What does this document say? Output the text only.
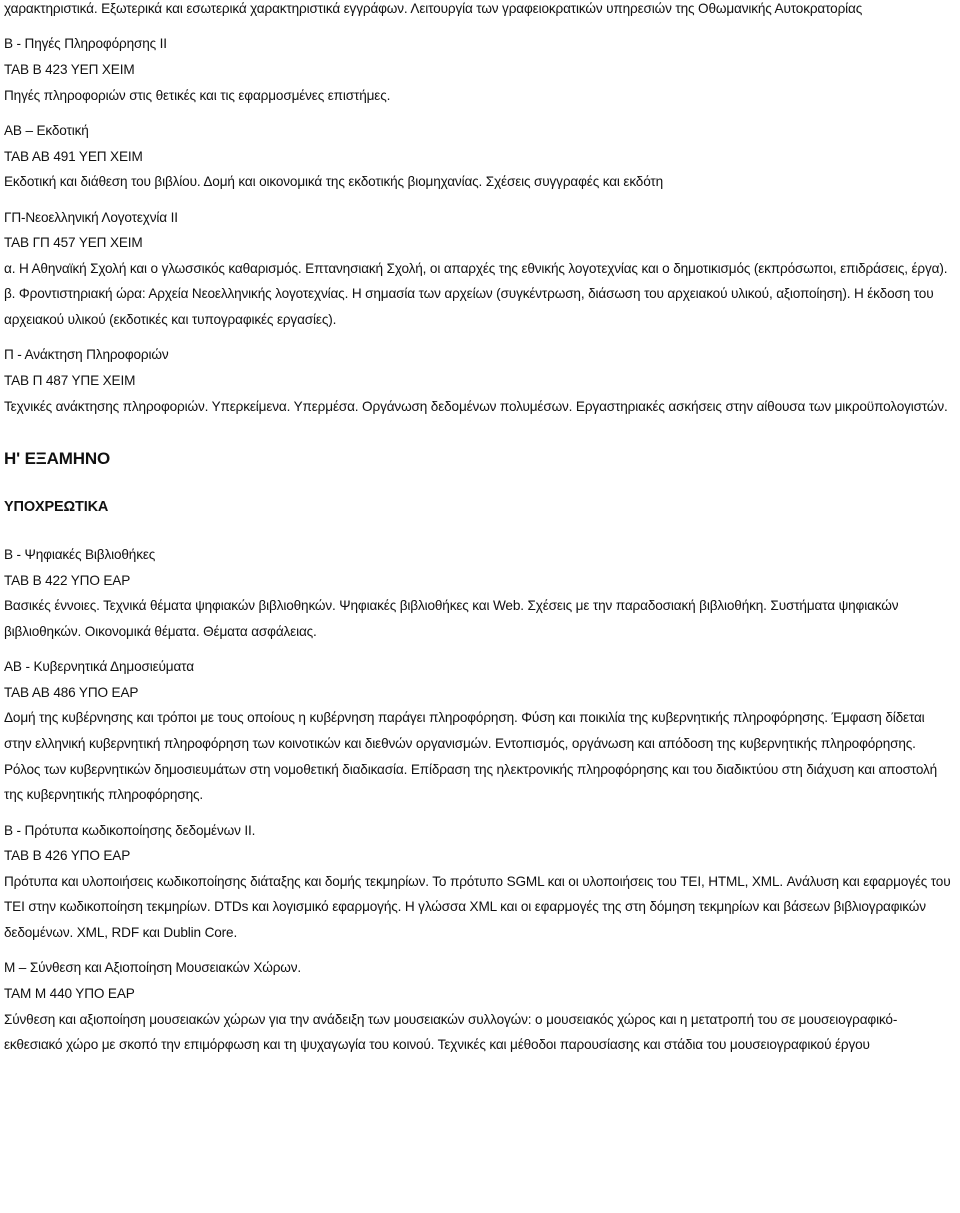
χαρακτηριστικά. Εξωτερικά και εσωτερικά χαρακτηριστικά εγγράφων. Λειτουργία των γραφειοκρατικών υπηρεσιών της Οθωμανικής Αυτοκρατορίας
Β - Πηγές Πληροφόρησης ΙΙ
ΤΑΒ Β 423 ΥΕΠ ΧΕΙΜ
Πηγές πληροφοριών στις θετικές και τις εφαρμοσμένες επιστήμες.
ΑΒ – Εκδοτική
ΤΑΒ ΑΒ 491 ΥΕΠ ΧΕΙΜ
Εκδοτική και διάθεση του βιβλίου. Δομή και οικονομικά της εκδοτικής βιομηχανίας. Σχέσεις συγγραφές και εκδότη
ΓΠ-Νεοελληνική Λογοτεχνία ΙΙ
ΤΑΒ ΓΠ 457 ΥΕΠ ΧΕΙΜ
α. Η Αθηναϊκή Σχολή και ο γλωσσικός καθαρισμός. Επτανησιακή Σχολή, οι απαρχές της εθνικής λογοτεχνίας και ο δημοτικισμός (εκπρόσωποι, επιδράσεις, έργα).
β. Φροντιστηριακή ώρα: Αρχεία Νεοελληνικής λογοτεχνίας. Η σημασία των αρχείων (συγκέντρωση, διάσωση του αρχειακού υλικού, αξιοποίηση). Η έκδοση του αρχειακού υλικού (εκδοτικές και τυπογραφικές εργασίες).
Π - Ανάκτηση Πληροφοριών
ΤΑΒ Π 487 ΥΠΕ ΧΕΙΜ
Τεχνικές ανάκτησης πληροφοριών. Υπερκείμενα. Υπερμέσα. Οργάνωση δεδομένων πολυμέσων. Εργαστηριακές ασκήσεις στην αίθουσα των μικροϋπολογιστών.
Η' ΕΞΑΜΗΝΟ
ΥΠΟΧΡΕΩΤΙΚΑ
Β - Ψηφιακές Βιβλιοθήκες
ΤΑΒ Β 422 ΥΠΟ ΕΑΡ
Βασικές έννοιες. Τεχνικά θέματα ψηφιακών βιβλιοθηκών. Ψηφιακές βιβλιοθήκες και Web. Σχέσεις με την παραδοσιακή βιβλιοθήκη. Συστήματα ψηφιακών βιβλιοθηκών. Οικονομικά θέματα. Θέματα ασφάλειας.
ΑΒ - Κυβερνητικά Δημοσιεύματα
ΤΑΒ ΑΒ 486 ΥΠΟ ΕΑΡ
Δομή της κυβέρνησης και τρόποι με τους οποίους η κυβέρνηση παράγει πληροφόρηση. Φύση και ποικιλία της κυβερνητικής πληροφόρησης. Έμφαση δίδεται στην ελληνική κυβερνητική πληροφόρηση των κοινοτικών και διεθνών οργανισμών. Εντοπισμός, οργάνωση και απόδοση της κυβερνητικής πληροφόρησης. Ρόλος των κυβερνητικών δημοσιευμάτων στη νομοθετική διαδικασία. Επίδραση της ηλεκτρονικής πληροφόρησης και του διαδικτύου στη διάχυση και αποστολή της κυβερνητικής πληροφόρησης.
Β - Πρότυπα κωδικοποίησης δεδομένων ΙΙ.
ΤΑΒ Β 426 ΥΠΟ ΕΑΡ
Πρότυπα και υλοποιήσεις κωδικοποίησης διάταξης και δομής τεκμηρίων. Το πρότυπο SGML και οι υλοποιήσεις του TEI, HTML, XML. Ανάλυση και εφαρμογές του TEI στην κωδικοποίηση τεκμηρίων. DTDs και λογισμικό εφαρμογής. Η γλώσσα XML και οι εφαρμογές της στη δόμηση τεκμηρίων και βάσεων βιβλιογραφικών δεδομένων. XML, RDF και Dublin Core.
Μ – Σύνθεση και Αξιοποίηση Μουσειακών Χώρων.
ΤΑΜ Μ 440 ΥΠΟ ΕΑΡ
Σύνθεση και αξιοποίηση μουσειακών χώρων για την ανάδειξη των μουσειακών συλλογών: ο μουσειακός χώρος και η μετατροπή του σε μουσειογραφικό-εκθεσιακό χώρο με σκοπό την επιμόρφωση και τη ψυχαγωγία του κοινού. Τεχνικές και μέθοδοι παρουσίασης και στάδια του μουσειογραφικού έργου
